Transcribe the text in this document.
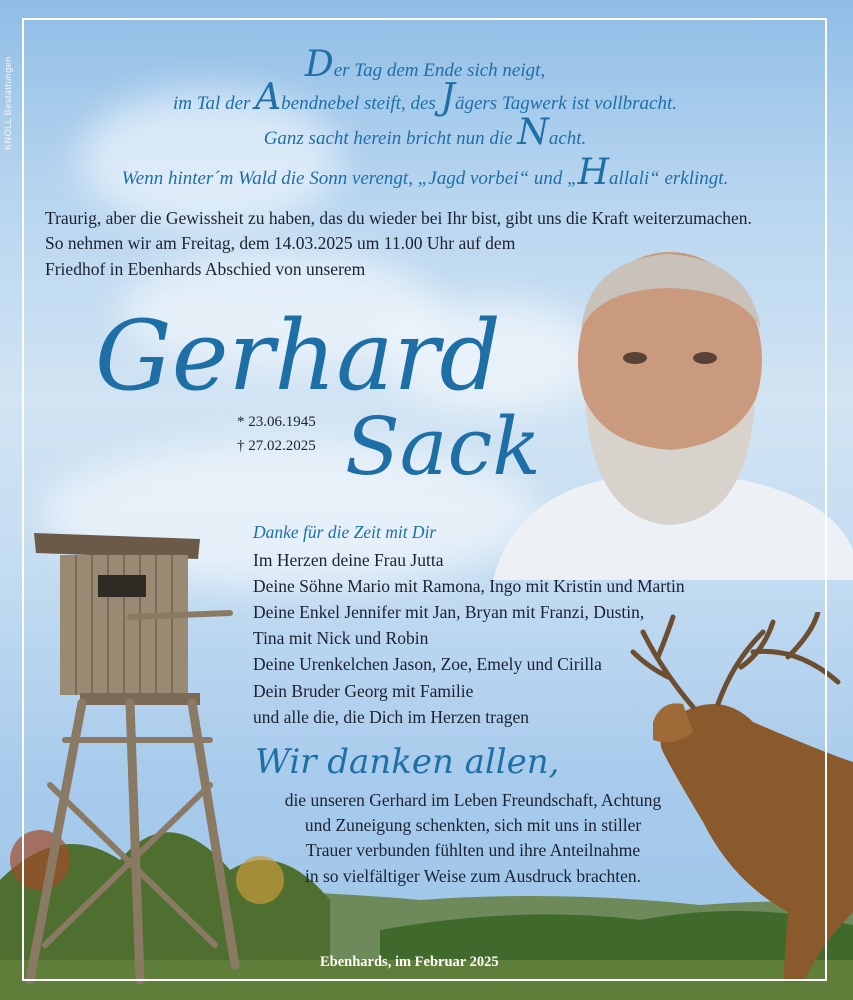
KNOLL Bestattungen	Der Tag dem Ende sich neigt,
im Tal der Abendnebel steift, des Jägers Tagwerk ist vollbracht.
Ganz sacht herein bricht nun die Nacht.
Wenn hinter´m Wald die Sonn verengt, „Jagd vorbei“ und „Hallali“ erklingt.
Traurig, aber die Gewissheit zu haben, das du wieder bei Ihr bist, gibt uns die Kraft weiterzumachen.
So nehmen wir am Freitag, dem 14.03.2025 um 11.00 Uhr auf dem
Friedhof in Ebenhards Abschied von unserem
Gerhard
Sack
* 23.06.1945
† 27.02.2025
Danke für die Zeit mit Dir
Im Herzen deine Frau Jutta
Deine Söhne Mario mit Ramona, Ingo mit Kristin und Martin
Deine Enkel Jennifer mit Jan, Bryan mit Franzi, Dustin,
Tina mit Nick und Robin
Deine Urenkelchen Jason, Zoe, Emely und Cirilla
Dein Bruder Georg mit Familie
und alle die, die Dich im Herzen tragen
Wir danken allen,
die unseren Gerhard im Leben Freundschaft, Achtung
und Zuneigung schenkten, sich mit uns in stiller
Trauer verbunden fühlten und ihre Anteilnahme
in so vielfältiger Weise zum Ausdruck brachten.
Ebenhards, im Februar 2025
